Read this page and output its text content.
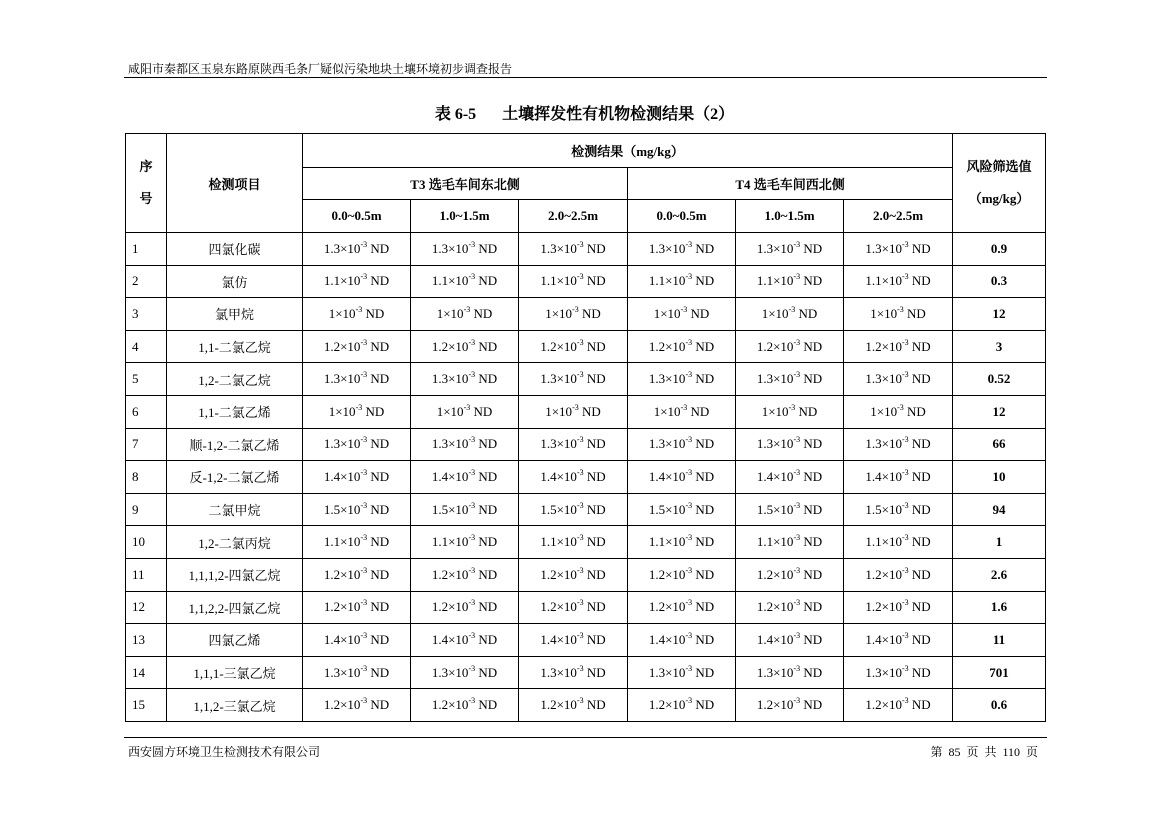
咸阳市秦都区玉泉东路原陕西毛条厂疑似污染地块土壤环境初步调查报告
表 6-5 土壤挥发性有机物检测结果（2）
序
号	检测项目	检测结果（mg/kg）						风险筛选值
（mg/kg）

		T3 选毛车间东北侧			T4 选毛车间西北侧			
		0.0~0.5m	1.0~1.5m	2.0~2.5m	0.0~0.5m	1.0~1.5m	2.0~2.5m	
1	四氯化碳	$1.3\times 10^{-3}$ ND	$1.3\times 10^{-3}$ ND	$1.3\times 10^{-3}$ ND	$1.3\times 10^{-3}$ ND	$1.3\times 10^{-3}$ ND	$1.3\times 10^{-3}$ ND	0.9
2	氯仿	$1.1\times 10^{-3}$ ND	$1.1\times 10^{-3}$ ND	$1.1\times 10^{-3}$ ND	$1.1\times 10^{-3}$ ND	$1.1\times 10^{-3}$ ND	$1.1\times 10^{-3}$ ND	0.3
3	氯甲烷	$1\times 10^{-3}$ ND	$1\times 10^{-3}$ ND	$1\times 10^{-3}$ ND	$1\times 10^{-3}$ ND	$1\times 10^{-3}$ ND	$1\times 10^{-3}$ ND	12
4	1,1-二氯乙烷	$1.2\times 10^{-3}$ ND	$1.2\times 10^{-3}$ ND	$1.2\times 10^{-3}$ ND	$1.2\times 10^{-3}$ ND	$1.2\times 10^{-3}$ ND	$1.2\times 10^{-3}$ ND	3
5	1,2-二氯乙烷	$1.3\times 10^{-3}$ ND	$1.3\times 10^{-3}$ ND	$1.3\times 10^{-3}$ ND	$1.3\times 10^{-3}$ ND	$1.3\times 10^{-3}$ ND	$1.3\times 10^{-3}$ ND	0.52
6	1,1-二氯乙烯	$1\times 10^{-3}$ ND	$1\times 10^{-3}$ ND	$1\times 10^{-3}$ ND	$1\times 10^{-3}$ ND	$1\times 10^{-3}$ ND	$1\times 10^{-3}$ ND	12
7	顺-1,2-二氯乙烯	$1.3\times 10^{-3}$ ND	$1.3\times 10^{-3}$ ND	$1.3\times 10^{-3}$ ND	$1.3\times 10^{-3}$ ND	$1.3\times 10^{-3}$ ND	$1.3\times 10^{-3}$ ND	66
8	反-1,2-二氯乙烯	$1.4\times 10^{-3}$ ND	$1.4\times 10^{-3}$ ND	$1.4\times 10^{-3}$ ND	$1.4\times 10^{-3}$ ND	$1.4\times 10^{-3}$ ND	$1.4\times 10^{-3}$ ND	10
9	二氯甲烷	$1.5\times 10^{-3}$ ND	$1.5\times 10^{-3}$ ND	$1.5\times 10^{-3}$ ND	$1.5\times 10^{-3}$ ND	$1.5\times 10^{-3}$ ND	$1.5\times 10^{-3}$ ND	94
10	1,2-二氯丙烷	$1.1\times 10^{-3}$ ND	$1.1\times 10^{-3}$ ND	$1.1\times 10^{-3}$ ND	$1.1\times 10^{-3}$ ND	$1.1\times 10^{-3}$ ND	$1.1\times 10^{-3}$ ND	1
11	1,1,1,2-四氯乙烷	$1.2\times 10^{-3}$ ND	$1.2\times 10^{-3}$ ND	$1.2\times 10^{-3}$ ND	$1.2\times 10^{-3}$ ND	$1.2\times 10^{-3}$ ND	$1.2\times 10^{-3}$ ND	2.6
12	1,1,2,2-四氯乙烷	$1.2\times 10^{-3}$ ND	$1.2\times 10^{-3}$ ND	$1.2\times 10^{-3}$ ND	$1.2\times 10^{-3}$ ND	$1.2\times 10^{-3}$ ND	$1.2\times 10^{-3}$ ND	1.6
13	四氯乙烯	$1.4\times 10^{-3}$ ND	$1.4\times 10^{-3}$ ND	$1.4\times 10^{-3}$ ND	$1.4\times 10^{-3}$ ND	$1.4\times 10^{-3}$ ND	$1.4\times 10^{-3}$ ND	11
14	1,1,1-三氯乙烷	$1.3\times 10^{-3}$ ND	$1.3\times 10^{-3}$ ND	$1.3\times 10^{-3}$ ND	$1.3\times 10^{-3}$ ND	$1.3\times 10^{-3}$ ND	$1.3\times 10^{-3}$ ND	701
15	1,1,2-三氯乙烷	$1.2\times 10^{-3}$ ND	$1.2\times 10^{-3}$ ND	$1.2\times 10^{-3}$ ND	$1.2\times 10^{-3}$ ND	$1.2\times 10^{-3}$ ND	$1.2\times 10^{-3}$ ND	0.6
西安圆方环境卫生检测技术有限公司	第 85 页 共 110 页
